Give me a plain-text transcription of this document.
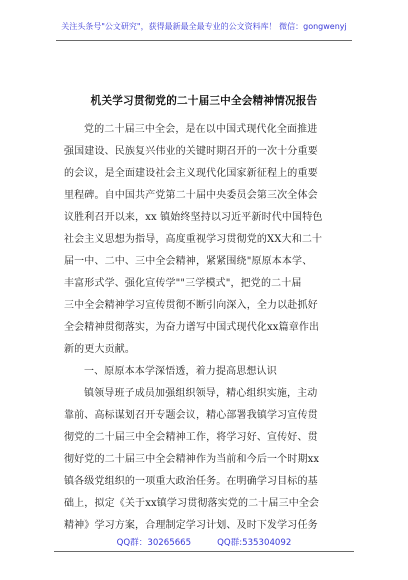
关注头条号"公文研究"，获得最新最全最专业的公文资料库！ 微信：gongwenyj
机关学习贯彻党的二十届三中全会精神情况报告
党的二十届三中全会，是在以中国式现代化全面推进
强国建设、民族复兴伟业的关键时期召开的一次十分重要
的会议，是全面建设社会主义现代化国家新征程上的重要
里程碑。自中国共产党第二十届中央委员会第三次全体会
议胜利召开以来，xx 镇始终坚持以习近平新时代中国特色
社会主义思想为指导，高度重视学习贯彻党的XX大和二十
届一中、二中、三中全会精神，紧紧围绕"原原本本学、
丰富形式学、强化宣传学""三学模式"，把党的二十届
三中全会精神学习宣传贯彻不断引向深入，全力以赴抓好
全会精神贯彻落实，为奋力谱写中国式现代化xx篇章作出
新的更大贡献。
一、原原本本学深悟透，着力提高思想认识
镇领导班子成员加强组织领导，精心组织实施，主动
靠前、高标谋划召开专题会议，精心部署我镇学习宣传贯
彻党的二十届三中全会精神工作，将学习好、宣传好、贯
彻好党的二十届三中全会精神作为当前和今后一个时期xx
镇各级党组织的一项重大政治任务。在明确学习目标的基
础上，拟定《关于xx镇学习贯彻落实党的二十届三中全会
精神》学习方案，合理制定学习计划、及时下发学习任务
QQ群：30265665	QQ群:535304092
